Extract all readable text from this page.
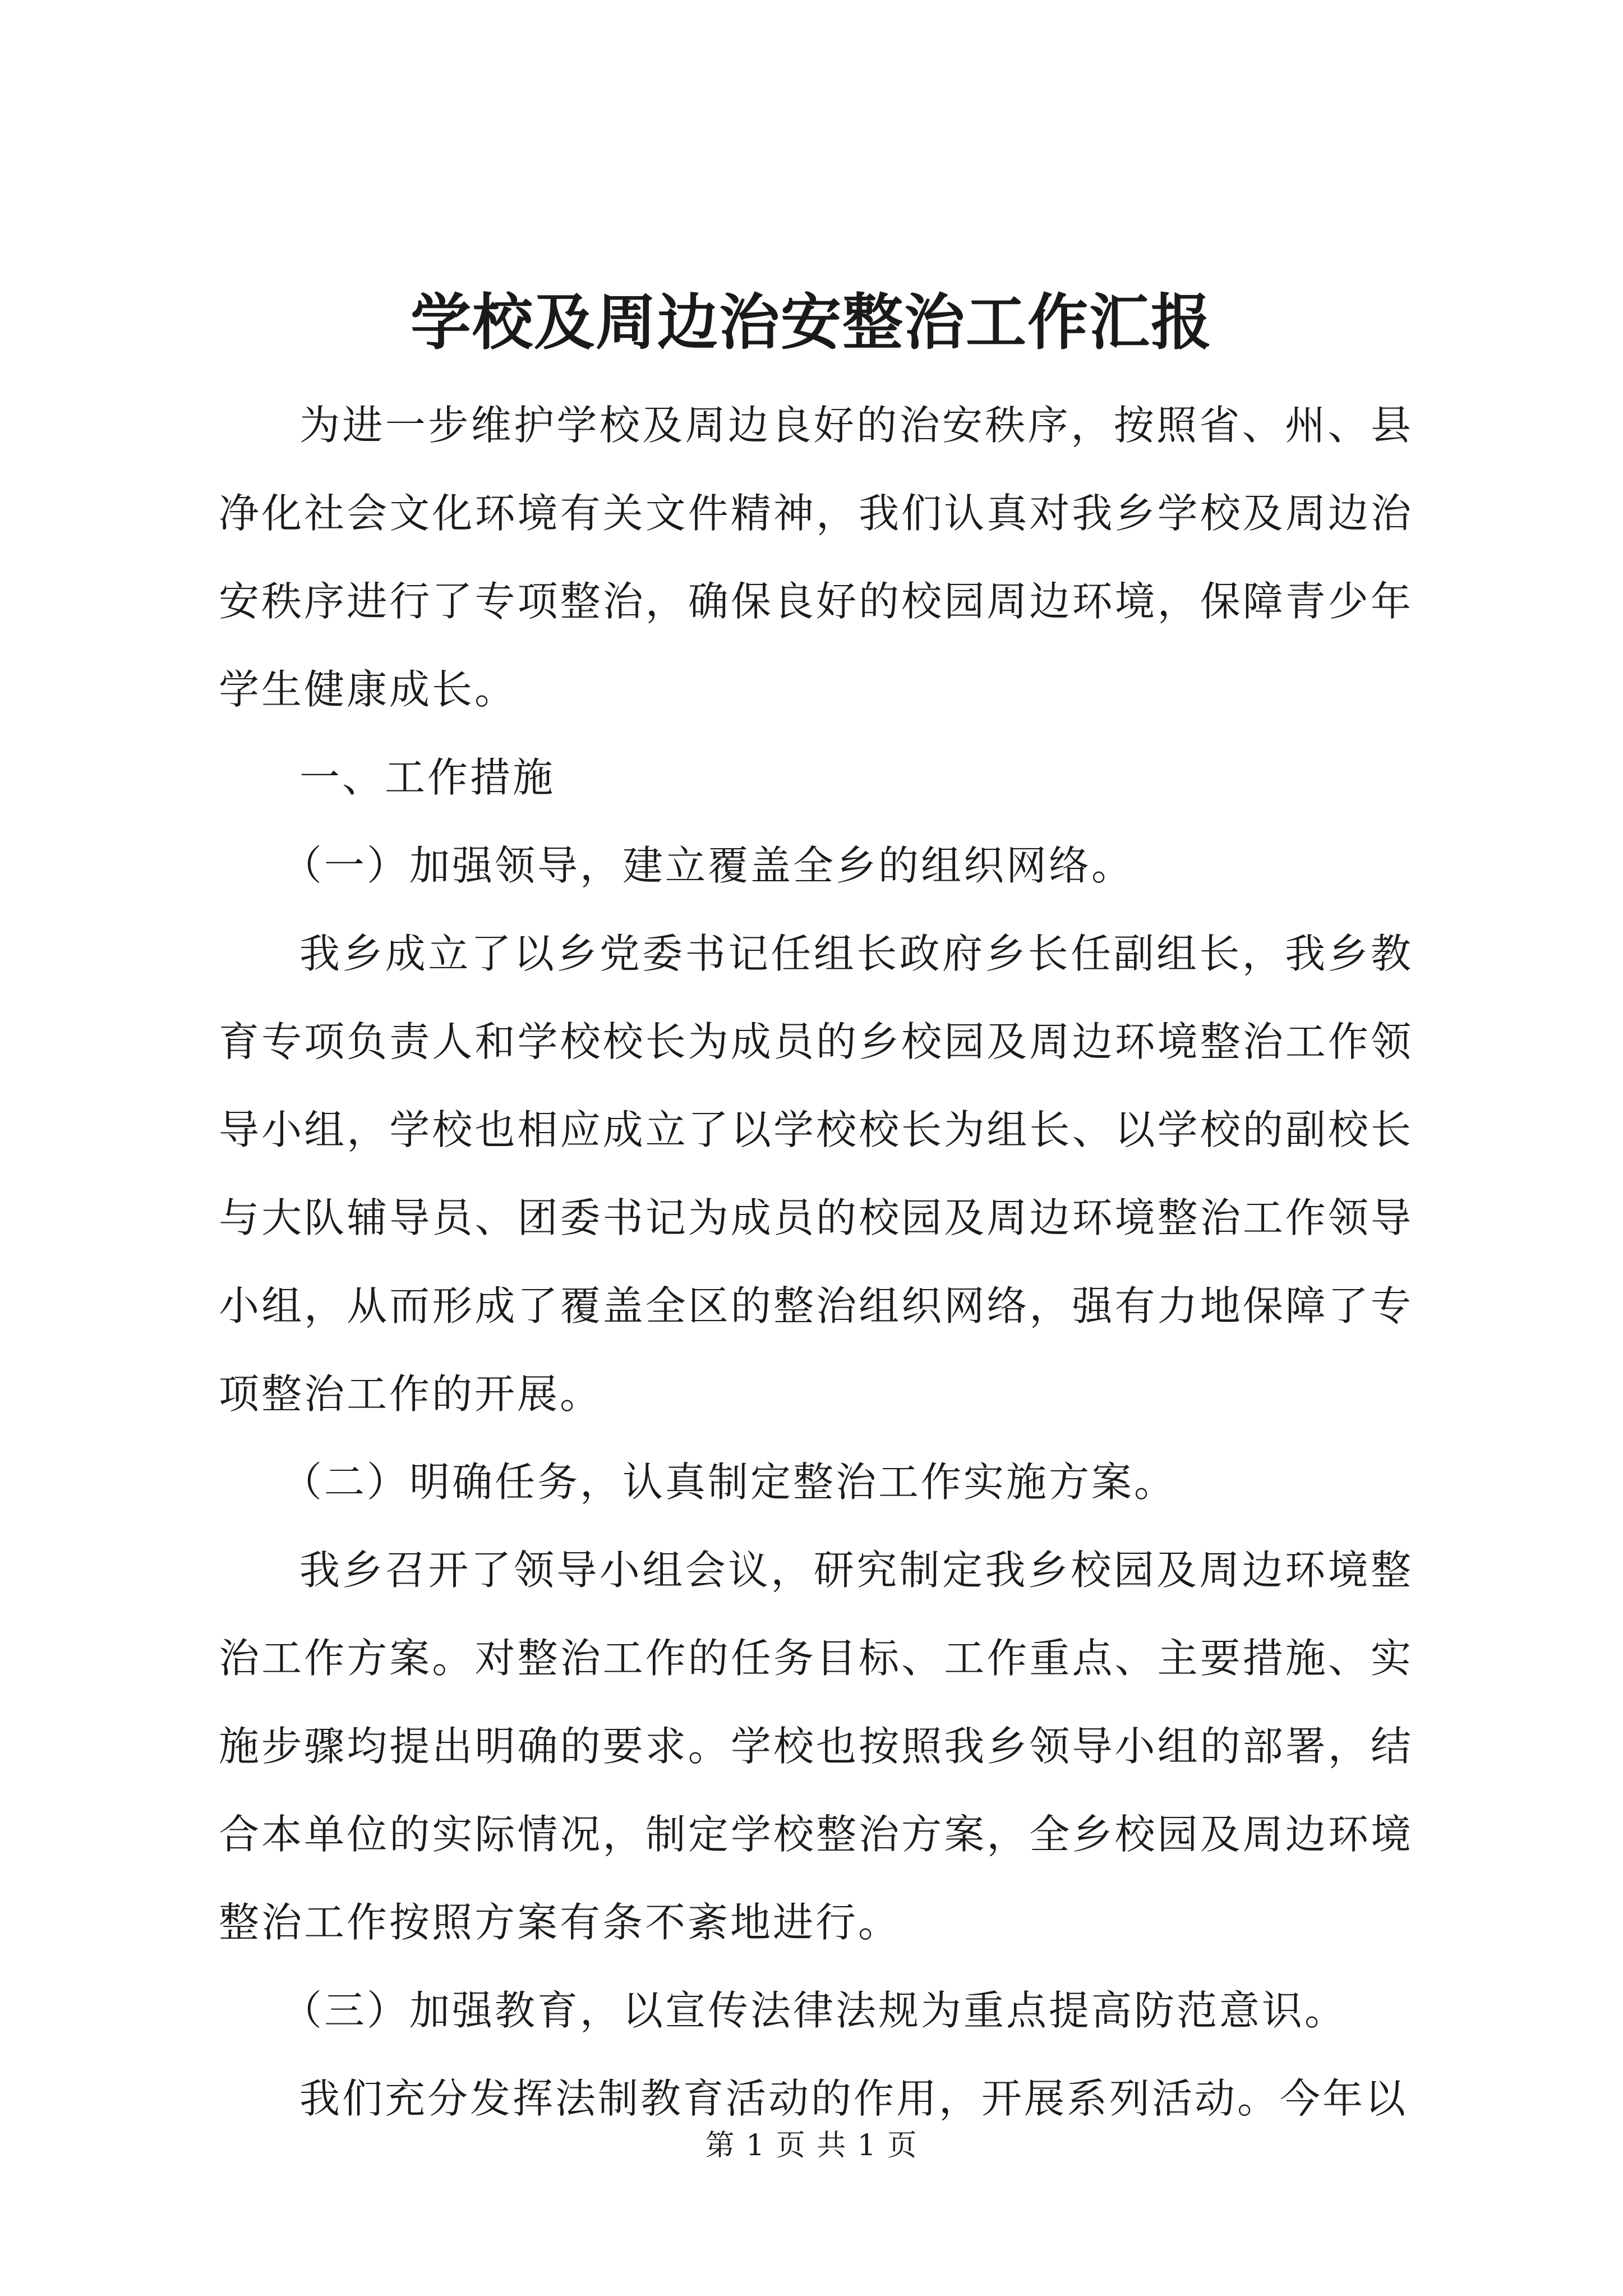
学校及周边治安整治工作汇报

为进一步维护学校及周边良好的治安秩序，按照省、州、县净化社会文化环境有关文件精神，我们认真对我乡学校及周边治安秩序进行了专项整治，确保良好的校园周边环境，保障青少年学生健康成长。

一、工作措施

（一）加强领导，建立覆盖全乡的组织网络。

我乡成立了以乡党委书记任组长政府乡长任副组长，我乡教育专项负责人和学校校长为成员的乡校园及周边环境整治工作领导小组，学校也相应成立了以学校校长为组长、以学校的副校长与大队辅导员、团委书记为成员的校园及周边环境整治工作领导小组，从而形成了覆盖全区的整治组织网络，强有力地保障了专项整治工作的开展。

（二）明确任务，认真制定整治工作实施方案。

我乡召开了领导小组会议，研究制定我乡校园及周边环境整治工作方案。对整治工作的任务目标、工作重点、主要措施、实施步骤均提出明确的要求。学校也按照我乡领导小组的部署，结合本单位的实际情况，制定学校整治方案，全乡校园及周边环境整治工作按照方案有条不紊地进行。

（三）加强教育，以宣传法律法规为重点提高防范意识。

我们充分发挥法制教育活动的作用，开展系列活动。今年以

第 1 页 共 1 页
